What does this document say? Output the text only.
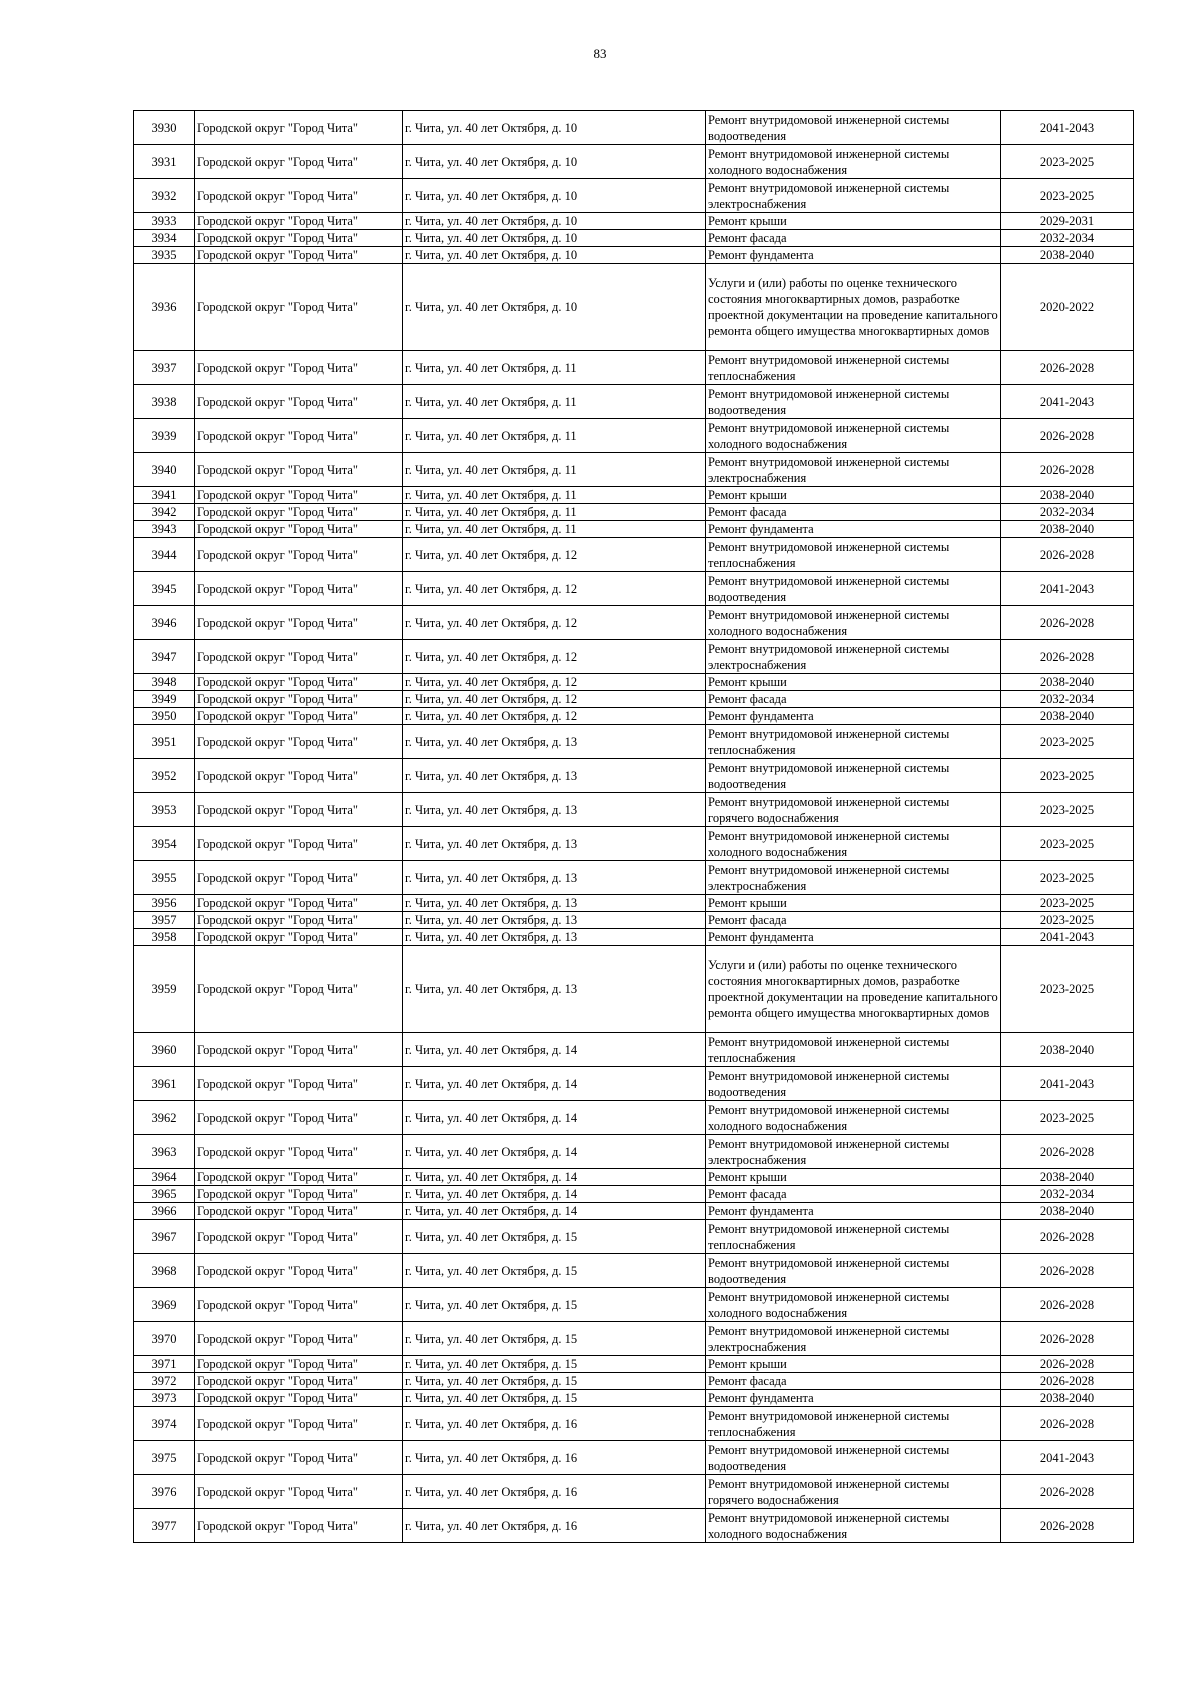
83
3930	Городской округ "Город Чита"	г. Чита, ул. 40 лет Октября, д. 10	Ремонт внутридомовой инженерной системы водоотведения	2041-2043
3931	Городской округ "Город Чита"	г. Чита, ул. 40 лет Октября, д. 10	Ремонт внутридомовой инженерной системы холодного водоснабжения	2023-2025
3932	Городской округ "Город Чита"	г. Чита, ул. 40 лет Октября, д. 10	Ремонт внутридомовой инженерной системы электроснабжения	2023-2025
3933	Городской округ "Город Чита"	г. Чита, ул. 40 лет Октября, д. 10	Ремонт крыши	2029-2031
3934	Городской округ "Город Чита"	г. Чита, ул. 40 лет Октября, д. 10	Ремонт фасада	2032-2034
3935	Городской округ "Город Чита"	г. Чита, ул. 40 лет Октября, д. 10	Ремонт фундамента	2038-2040
3936	Городской округ "Город Чита"	г. Чита, ул. 40 лет Октября, д. 10	Услуги и (или) работы по оценке технического состояния многоквартирных домов, разработке проектной документации на проведение капитального ремонта общего имущества многоквартирных домов	2020-2022
3937	Городской округ "Город Чита"	г. Чита, ул. 40 лет Октября, д. 11	Ремонт внутридомовой инженерной системы теплоснабжения	2026-2028
3938	Городской округ "Город Чита"	г. Чита, ул. 40 лет Октября, д. 11	Ремонт внутридомовой инженерной системы водоотведения	2041-2043
3939	Городской округ "Город Чита"	г. Чита, ул. 40 лет Октября, д. 11	Ремонт внутридомовой инженерной системы холодного водоснабжения	2026-2028
3940	Городской округ "Город Чита"	г. Чита, ул. 40 лет Октября, д. 11	Ремонт внутридомовой инженерной системы электроснабжения	2026-2028
3941	Городской округ "Город Чита"	г. Чита, ул. 40 лет Октября, д. 11	Ремонт крыши	2038-2040
3942	Городской округ "Город Чита"	г. Чита, ул. 40 лет Октября, д. 11	Ремонт фасада	2032-2034
3943	Городской округ "Город Чита"	г. Чита, ул. 40 лет Октября, д. 11	Ремонт фундамента	2038-2040
3944	Городской округ "Город Чита"	г. Чита, ул. 40 лет Октября, д. 12	Ремонт внутридомовой инженерной системы теплоснабжения	2026-2028
3945	Городской округ "Город Чита"	г. Чита, ул. 40 лет Октября, д. 12	Ремонт внутридомовой инженерной системы водоотведения	2041-2043
3946	Городской округ "Город Чита"	г. Чита, ул. 40 лет Октября, д. 12	Ремонт внутридомовой инженерной системы холодного водоснабжения	2026-2028
3947	Городской округ "Город Чита"	г. Чита, ул. 40 лет Октября, д. 12	Ремонт внутридомовой инженерной системы электроснабжения	2026-2028
3948	Городской округ "Город Чита"	г. Чита, ул. 40 лет Октября, д. 12	Ремонт крыши	2038-2040
3949	Городской округ "Город Чита"	г. Чита, ул. 40 лет Октября, д. 12	Ремонт фасада	2032-2034
3950	Городской округ "Город Чита"	г. Чита, ул. 40 лет Октября, д. 12	Ремонт фундамента	2038-2040
3951	Городской округ "Город Чита"	г. Чита, ул. 40 лет Октября, д. 13	Ремонт внутридомовой инженерной системы теплоснабжения	2023-2025
3952	Городской округ "Город Чита"	г. Чита, ул. 40 лет Октября, д. 13	Ремонт внутридомовой инженерной системы водоотведения	2023-2025
3953	Городской округ "Город Чита"	г. Чита, ул. 40 лет Октября, д. 13	Ремонт внутридомовой инженерной системы горячего водоснабжения	2023-2025
3954	Городской округ "Город Чита"	г. Чита, ул. 40 лет Октября, д. 13	Ремонт внутридомовой инженерной системы холодного водоснабжения	2023-2025
3955	Городской округ "Город Чита"	г. Чита, ул. 40 лет Октября, д. 13	Ремонт внутридомовой инженерной системы электроснабжения	2023-2025
3956	Городской округ "Город Чита"	г. Чита, ул. 40 лет Октября, д. 13	Ремонт крыши	2023-2025
3957	Городской округ "Город Чита"	г. Чита, ул. 40 лет Октября, д. 13	Ремонт фасада	2023-2025
3958	Городской округ "Город Чита"	г. Чита, ул. 40 лет Октября, д. 13	Ремонт фундамента	2041-2043
3959	Городской округ "Город Чита"	г. Чита, ул. 40 лет Октября, д. 13	Услуги и (или) работы по оценке технического состояния многоквартирных домов, разработке проектной документации на проведение капитального ремонта общего имущества многоквартирных домов	2023-2025
3960	Городской округ "Город Чита"	г. Чита, ул. 40 лет Октября, д. 14	Ремонт внутридомовой инженерной системы теплоснабжения	2038-2040
3961	Городской округ "Город Чита"	г. Чита, ул. 40 лет Октября, д. 14	Ремонт внутридомовой инженерной системы водоотведения	2041-2043
3962	Городской округ "Город Чита"	г. Чита, ул. 40 лет Октября, д. 14	Ремонт внутридомовой инженерной системы холодного водоснабжения	2023-2025
3963	Городской округ "Город Чита"	г. Чита, ул. 40 лет Октября, д. 14	Ремонт внутридомовой инженерной системы электроснабжения	2026-2028
3964	Городской округ "Город Чита"	г. Чита, ул. 40 лет Октября, д. 14	Ремонт крыши	2038-2040
3965	Городской округ "Город Чита"	г. Чита, ул. 40 лет Октября, д. 14	Ремонт фасада	2032-2034
3966	Городской округ "Город Чита"	г. Чита, ул. 40 лет Октября, д. 14	Ремонт фундамента	2038-2040
3967	Городской округ "Город Чита"	г. Чита, ул. 40 лет Октября, д. 15	Ремонт внутридомовой инженерной системы теплоснабжения	2026-2028
3968	Городской округ "Город Чита"	г. Чита, ул. 40 лет Октября, д. 15	Ремонт внутридомовой инженерной системы водоотведения	2026-2028
3969	Городской округ "Город Чита"	г. Чита, ул. 40 лет Октября, д. 15	Ремонт внутридомовой инженерной системы холодного водоснабжения	2026-2028
3970	Городской округ "Город Чита"	г. Чита, ул. 40 лет Октября, д. 15	Ремонт внутридомовой инженерной системы электроснабжения	2026-2028
3971	Городской округ "Город Чита"	г. Чита, ул. 40 лет Октября, д. 15	Ремонт крыши	2026-2028
3972	Городской округ "Город Чита"	г. Чита, ул. 40 лет Октября, д. 15	Ремонт фасада	2026-2028
3973	Городской округ "Город Чита"	г. Чита, ул. 40 лет Октября, д. 15	Ремонт фундамента	2038-2040
3974	Городской округ "Город Чита"	г. Чита, ул. 40 лет Октября, д. 16	Ремонт внутридомовой инженерной системы теплоснабжения	2026-2028
3975	Городской округ "Город Чита"	г. Чита, ул. 40 лет Октября, д. 16	Ремонт внутридомовой инженерной системы водоотведения	2041-2043
3976	Городской округ "Город Чита"	г. Чита, ул. 40 лет Октября, д. 16	Ремонт внутридомовой инженерной системы горячего водоснабжения	2026-2028
3977	Городской округ "Город Чита"	г. Чита, ул. 40 лет Октября, д. 16	Ремонт внутридомовой инженерной системы холодного водоснабжения	2026-2028
